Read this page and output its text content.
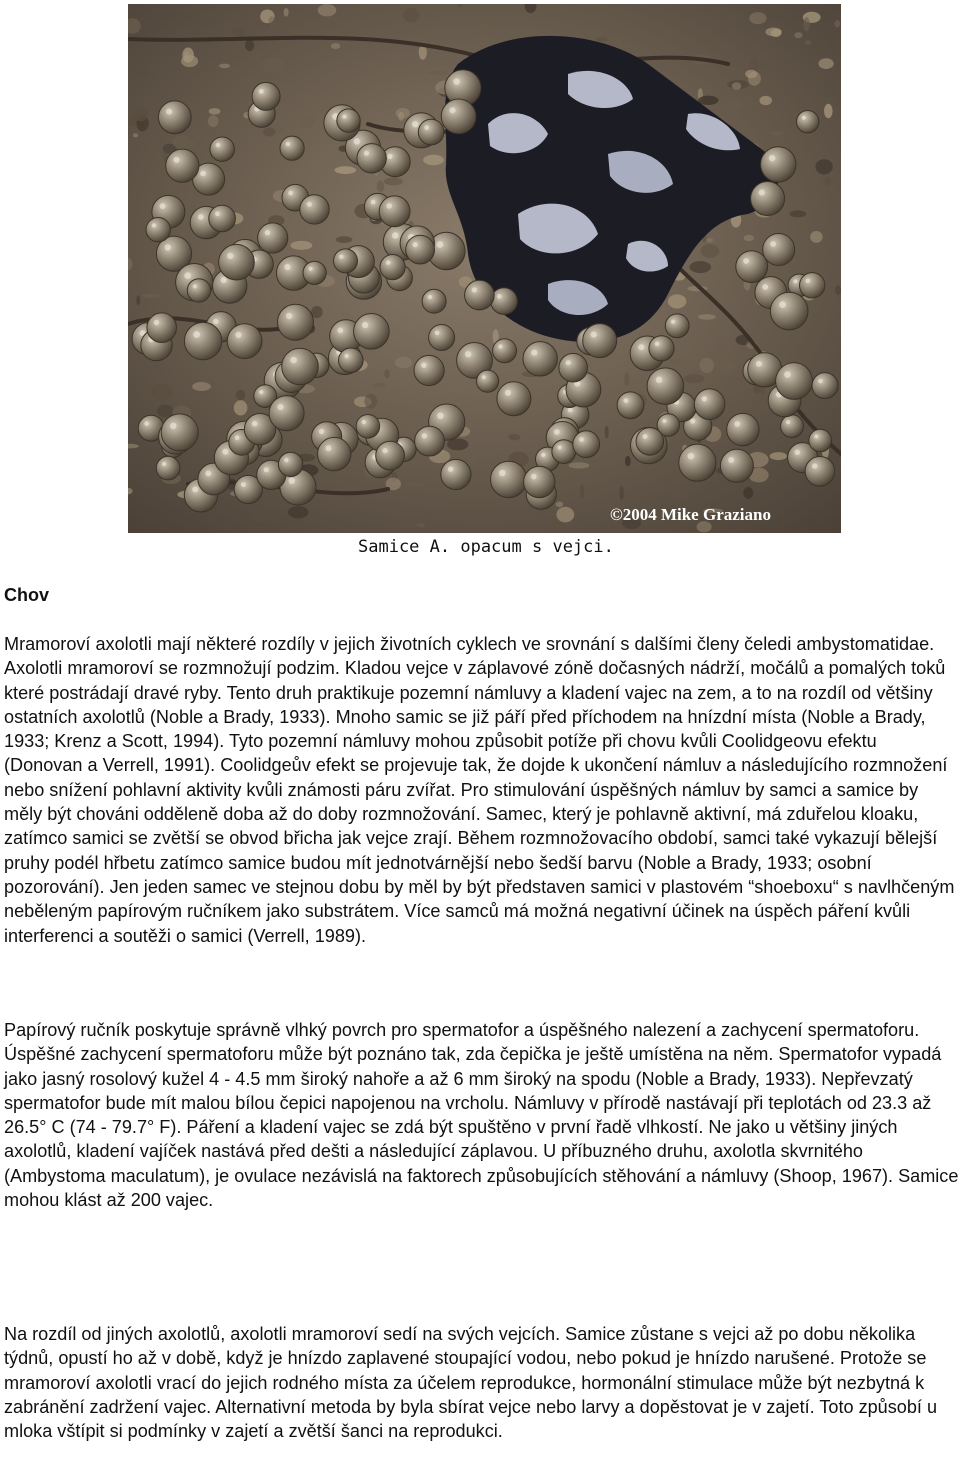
©2004 Mike Graziano
Samice A. opacum s vejci.
Chov

Mramoroví axolotli mají některé rozdíly v jejich životních cyklech ve srovnání s dalšími členy čeledi ambystomatidae. Axolotli mramoroví se rozmnožují podzim. Kladou vejce v záplavové zóně dočasných nádrží, močálů a pomalých toků které postrádají dravé ryby. Tento druh praktikuje pozemní námluvy a kladení vajec na zem, a to na rozdíl od většiny ostatních axolotlů (Noble a Brady, 1933). Mnoho samic se již páří před příchodem na hnízdní místa (Noble a Brady, 1933; Krenz a Scott, 1994). Tyto pozemní námluvy mohou způsobit potíže při chovu kvůli Coolidgeovu efektu (Donovan a Verrell, 1991). Coolidgeův efekt se projevuje tak, že dojde k ukončení námluv a následujícího rozmnožení nebo snížení pohlavní aktivity kvůli známosti páru zvířat. Pro stimulování úspěšných námluv by samci a samice by měly být chováni odděleně doba až do doby rozmnožování. Samec, který je pohlavně aktivní, má zduřelou kloaku, zatímco samici se zvětší se obvod břicha jak vejce zrají. Během rozmnožovacího období, samci také vykazují bělejší pruhy podél hřbetu zatímco samice budou mít jednotvárnější nebo šedší barvu (Noble a Brady, 1933; osobní pozorování). Jen jeden samec ve stejnou dobu by měl by být představen samici v plastovém “shoeboxu“ s navlhčeným neběleným papírovým ručníkem jako substrátem. Více samců má možná negativní účinek na úspěch páření kvůli interferenci a soutěži o samici (Verrell, 1989).

Papírový ručník poskytuje správně vlhký povrch pro spermatofor a úspěšného nalezení a zachycení spermatoforu. Úspěšné zachycení spermatoforu může být poznáno tak, zda čepička je ještě umístěna na něm. Spermatofor vypadá jako jasný rosolový kužel 4 - 4.5 mm široký nahoře a až 6 mm široký na spodu (Noble a Brady, 1933). Nepřevzatý spermatofor bude mít malou bílou čepici napojenou na vrcholu. Námluvy v přírodě nastávají při teplotách od 23.3 až 26.5° C (74 - 79.7° F). Páření a kladení vajec se zdá být spuštěno v první řadě vlhkostí. Ne jako u většiny jiných axolotlů, kladení vajíček nastává před dešti a následující záplavou. U příbuzného druhu, axolotla skvrnitého (Ambystoma maculatum), je ovulace nezávislá na faktorech způsobujících stěhování a námluvy (Shoop, 1967). Samice mohou klást až 200 vajec.

Na rozdíl od jiných axolotlů, axolotli mramoroví sedí na svých vejcích. Samice zůstane s vejci až po dobu několika týdnů, opustí ho až v době, když je hnízdo zaplavené stoupající vodou, nebo pokud je hnízdo narušené. Protože se mramoroví axolotli vrací do jejich rodného místa za účelem reprodukce, hormonální stimulace může být nezbytná k zabránění zadržení vajec. Alternativní metoda by byla sbírat vejce nebo larvy a dopěstovat je v zajetí. Toto způsobí u mloka vštípit si podmínky v zajetí a zvětší šanci na reprodukci.
